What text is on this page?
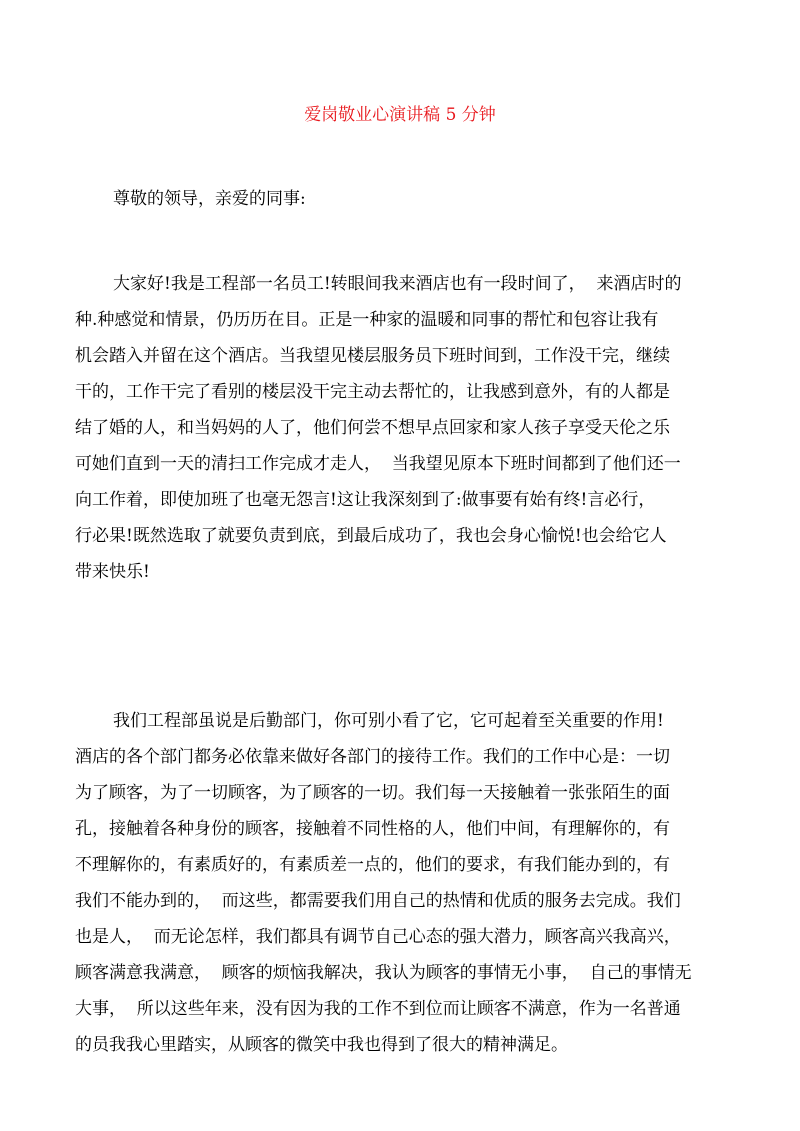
爱岗敬业心演讲稿 5 分钟

尊敬的领导，亲爱的同事:

大家好!我是工程部一名员工!转眼间我来酒店也有一段时间了，  来酒店时的
种.种感觉和情景，仍历历在目。正是一种家的温暖和同事的帮忙和包容让我有
机会踏入并留在这个酒店。当我望见楼层服务员下班时间到，工作没干完，继续
干的，工作干完了看别的楼层没干完主动去帮忙的，让我感到意外，有的人都是
结了婚的人，和当妈妈的人了，他们何尝不想早点回家和家人孩子享受天伦之乐
可她们直到一天的清扫工作完成才走人，  当我望见原本下班时间都到了他们还一
向工作着，即使加班了也毫无怨言!这让我深刻到了:做事要有始有终!言必行，
行必果!既然选取了就要负责到底，到最后成功了，我也会身心愉悦!也会给它人
带来快乐!
我们工程部虽说是后勤部门，你可别小看了它，它可起着至关重要的作用!
酒店的各个部门都务必依靠来做好各部门的接待工作。我们的工作中心是：一切
为了顾客，为了一切顾客，为了顾客的一切。我们每一天接触着一张张陌生的面
孔，接触着各种身份的顾客，接触着不同性格的人，他们中间，有理解你的，有
不理解你的，有素质好的，有素质差一点的，他们的要求，有我们能办到的，有
我们不能办到的，  而这些，都需要我们用自己的热情和优质的服务去完成。我们
也是人，  而无论怎样，我们都具有调节自己心态的强大潜力，顾客高兴我高兴，
顾客满意我满意，  顾客的烦恼我解决，我认为顾客的事情无小事，  自己的事情无
大事，  所以这些年来，没有因为我的工作不到位而让顾客不满意，作为一名普通
的员我我心里踏实，从顾客的微笑中我也得到了很大的精神满足。
